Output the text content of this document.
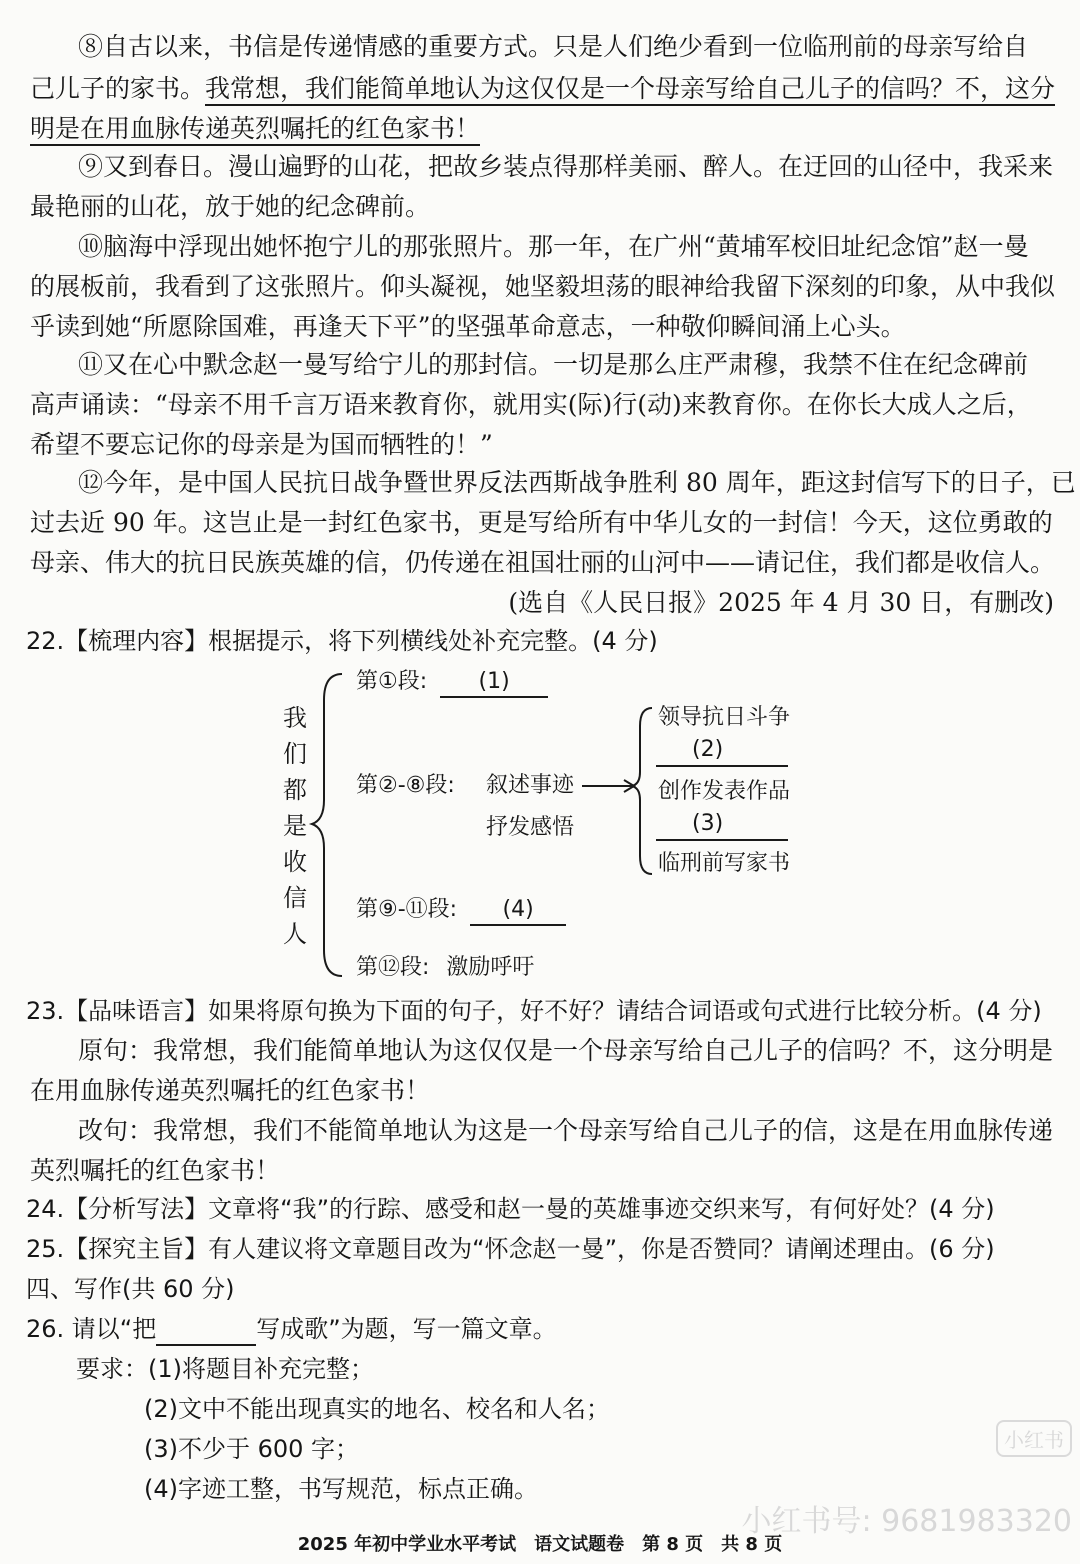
⑧自古以来，书信是传递情感的重要方式。只是人们绝少看到一位临刑前的母亲写给自
己儿子的家书。我常想，我们能简单地认为这仅仅是一个母亲写给自己儿子的信吗？不，这分
明是在用血脉传递英烈嘱托的红色家书！
⑨又到春日。漫山遍野的山花，把故乡装点得那样美丽、醉人。在迂回的山径中，我采来
最艳丽的山花，放于她的纪念碑前。
⑩脑海中浮现出她怀抱宁儿的那张照片。那一年，在广州“黄埔军校旧址纪念馆”赵一曼
的展板前，我看到了这张照片。仰头凝视，她坚毅坦荡的眼神给我留下深刻的印象，从中我似
乎读到她“所愿除国难，再逢天下平”的坚强革命意志，一种敬仰瞬间涌上心头。
⑪又在心中默念赵一曼写给宁儿的那封信。一切是那么庄严肃穆，我禁不住在纪念碑前
高声诵读：“母亲不用千言万语来教育你，就用实(际)行(动)来教育你。在你长大成人之后，
希望不要忘记你的母亲是为国而牺牲的！”
⑫今年，是中国人民抗日战争暨世界反法西斯战争胜利 80 周年，距这封信写下的日子，已
过去近 90 年。这岂止是一封红色家书，更是写给所有中华儿女的一封信！今天，这位勇敢的
母亲、伟大的抗日民族英雄的信，仍传递在祖国壮丽的山河中——请记住，我们都是收信人。
(选自《人民日报》2025 年 4 月 30 日，有删改)
22.【梳理内容】根据提示，将下列横线处补充完整。(4 分)
我
们
都
是
收
信
人
第①段: (1)
第②-⑧段: 叙述事迹
抒发感悟
领导抗日斗争
(2)
创作发表作品
(3)
临刑前写家书
第⑨-⑪段: (4)
第⑫段: 激励呼吁
23.【品味语言】如果将原句换为下面的句子，好不好？请结合词语或句式进行比较分析。(4 分)
原句：我常想，我们能简单地认为这仅仅是一个母亲写给自己儿子的信吗？不，这分明是
在用血脉传递英烈嘱托的红色家书！
改句：我常想，我们不能简单地认为这是一个母亲写给自己儿子的信，这是在用血脉传递
英烈嘱托的红色家书！
24.【分析写法】文章将“我”的行踪、感受和赵一曼的英雄事迹交织来写，有何好处？(4 分)
25.【探究主旨】有人建议将文章题目改为“怀念赵一曼”，你是否赞同？请阐述理由。(6 分)
四、写作(共 60 分)
26. 请以“把	写成歌”为题，写一篇文章。
要求：(1)将题目补充完整；
(2)文中不能出现真实的地名、校名和人名；
(3)不少于 600 字；
(4)字迹工整，书写规范，标点正确。
小红书
小红书号: 9681983320
2025 年初中学业水平考试　语文试题卷　第 8 页　共 8 页
